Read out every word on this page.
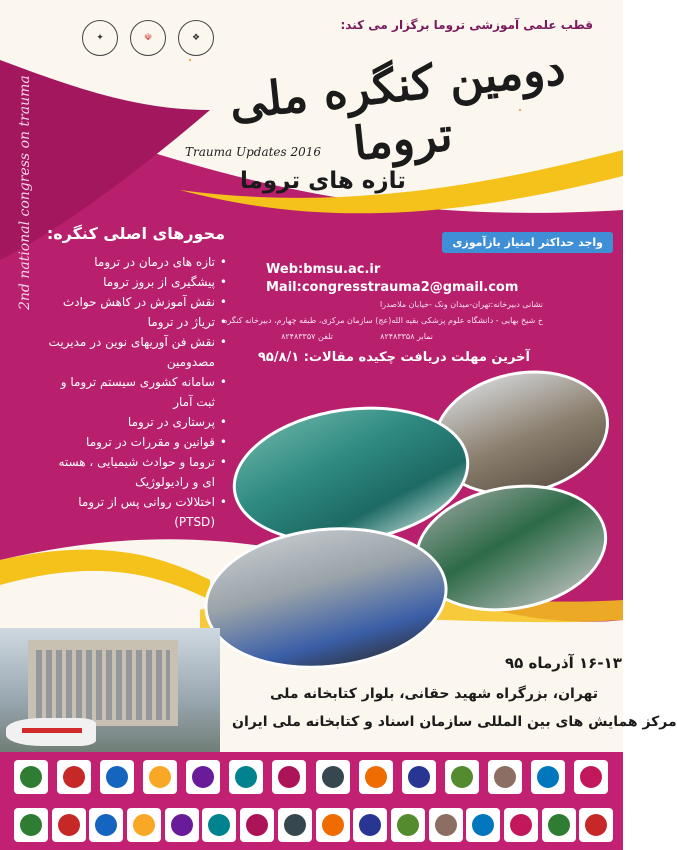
قطب علمی آموزشی تروما برگزار می کند:
✦	☫	❖
دومین کنگره ملی تروما
Trauma Updates 2016
تازه های تروما
2nd national congress on trauma	واجد حداکثر امتیاز بازآموزی
محورهای اصلی کنگره:
• تازه های درمان در تروما
• پیشگیری از بروز تروما
• نقش آموزش در کاهش حوادث
• تریاژ در تروما
• نقش فن آوریهای نوین در مدیریت مصدومین
• سامانه کشوری سیستم تروما و ثبت آمار
• پرستاری در تروما
• قوانین و مقررات در تروما
• تروما و حوادث شیمیایی ، هسته ای و رادیولوژیک
• اختلالات روانی پس از تروما (PTSD)
Web:bmsu.ac.ir
Mail:congresstrauma2@gmail.com
نشانی دبیرخانه:تهران-میدان ونک -خیابان ملاصدرا
خ شیخ بهایی - دانشگاه علوم پزشکی بقیه الله(عج) سازمان مرکزی، طبقه چهارم، دبیرخانه کنگره
تلفن ۸۲۴۸۳۳۵۷	نمابر ۸۲۴۸۳۳۵۸
آخرین مهلت دریافت چکیده مقالات: ۹۵/۸/۱
۱۶-۱۳ آذرماه ۹۵
تهران، بزرگراه شهید حقانی، بلوار کتابخانه ملی
مرکز همایش های بین المللی سازمان اسناد و کتابخانه ملی ایران
